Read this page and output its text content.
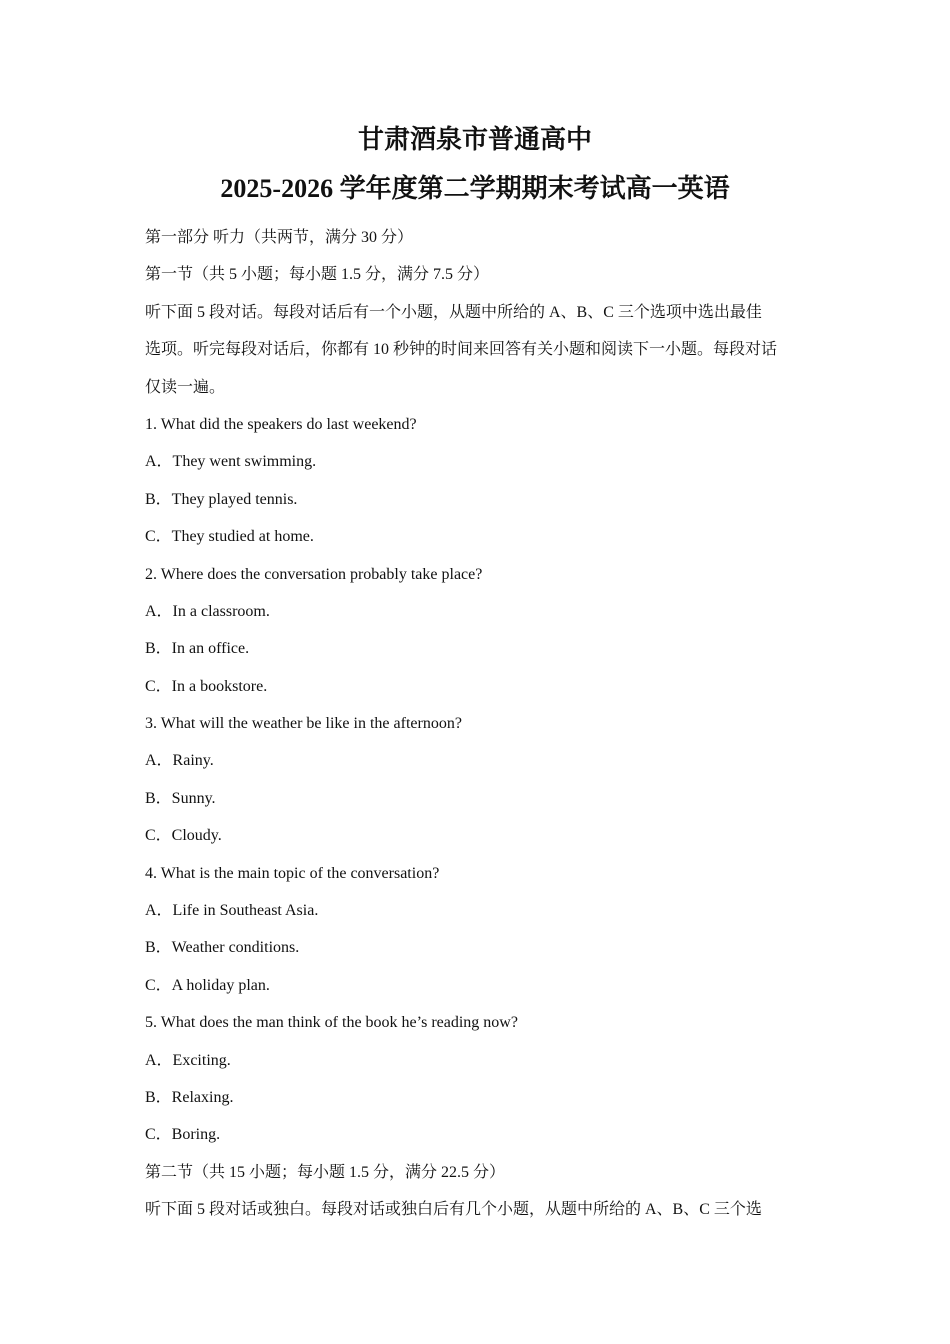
甘肃酒泉市普通高中
2025-2026 学年度第二学期期末考试高一英语

第一部分 听力（共两节，满分 30 分）

第一节（共 5 小题；每小题 1.5 分，满分 7.5 分）

听下面 5 段对话。每段对话后有一个小题，从题中所给的 A、B、C 三个选项中选出最佳

选项。听完每段对话后，你都有 10 秒钟的时间来回答有关小题和阅读下一小题。每段对话

仅读一遍。

1. What did the speakers do last weekend?

A．They went swimming.

B．They played tennis.

C．They studied at home.

2. Where does the conversation probably take place?

A．In a classroom.

B．In an office.

C．In a bookstore.

3. What will the weather be like in the afternoon?

A．Rainy.

B．Sunny.

C．Cloudy.

4. What is the main topic of the conversation?

A．Life in Southeast Asia.

B．Weather conditions.

C．A holiday plan.

5. What does the man think of the book he’s reading now?

A．Exciting.

B．Relaxing.

C．Boring.

第二节（共 15 小题；每小题 1.5 分，满分 22.5 分）

听下面 5 段对话或独白。每段对话或独白后有几个小题，从题中所给的 A、B、C 三个选
